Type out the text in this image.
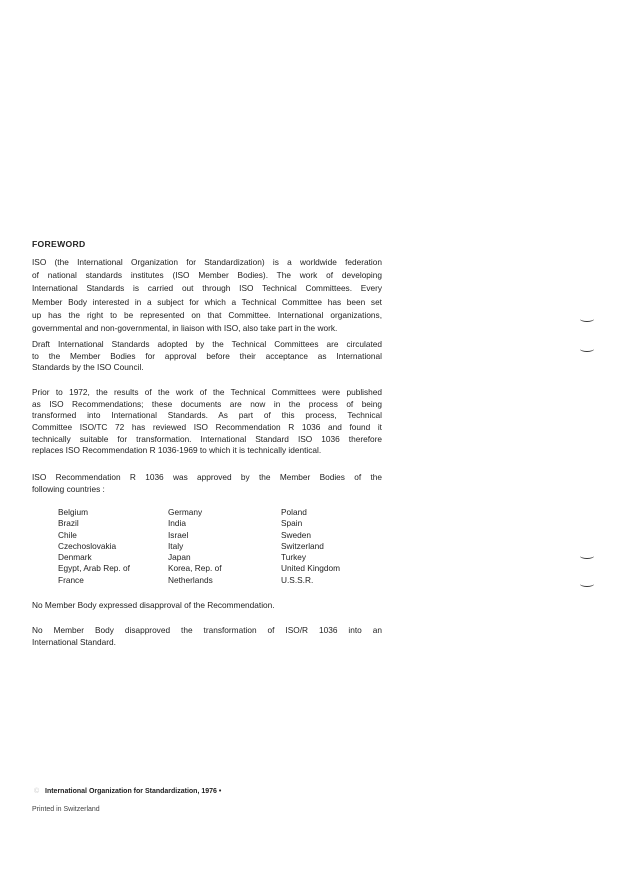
FOREWORD
ISO (the International Organization for Standardization) is a worldwide federation
of national standards institutes (ISO Member Bodies). The work of developing
International Standards is carried out through ISO Technical Committees. Every
Member Body interested in a subject for which a Technical Committee has been set
up has the right to be represented on that Committee. International organizations,
governmental and non-governmental, in liaison with ISO, also take part in the work.
Draft International Standards adopted by the Technical Committees are circulated
to the Member Bodies for approval before their acceptance as International
Standards by the ISO Council.
Prior to 1972, the results of the work of the Technical Committees were published
as ISO Recommendations; these documents are now in the process of being
transformed into International Standards. As part of this process, Technical
Committee ISO/TC 72 has reviewed ISO Recommendation R 1036 and found it
technically suitable for transformation. International Standard ISO 1036 therefore
replaces ISO Recommendation R 1036-1969 to which it is technically identical.
ISO Recommendation R 1036 was approved by the Member Bodies of the
following countries :
Belgium
Brazil
Chile
Czechoslovakia
Denmark
Egypt, Arab Rep. of
France
Germany
India
Israel
Italy
Japan
Korea, Rep. of
Netherlands
Poland
Spain
Sweden
Switzerland
Turkey
United Kingdom
U.S.S.R.
No Member Body expressed disapproval of the Recommendation.
No Member Body disapproved the transformation of ISO/R 1036 into an
International Standard.
© International Organization for Standardization, 1976 •
Printed in Switzerland
